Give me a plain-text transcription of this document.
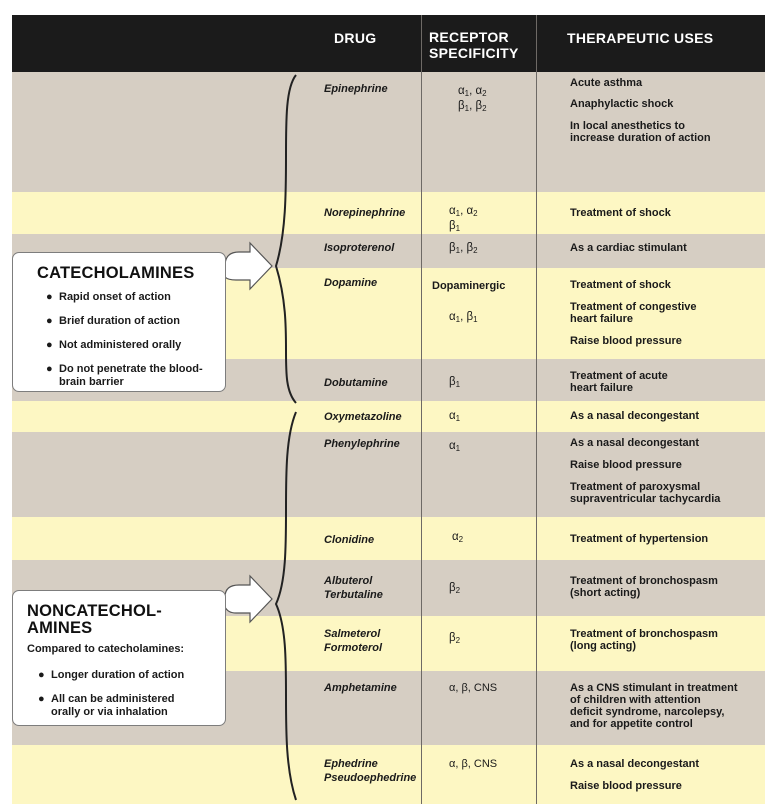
DRUG	RECEPTOR
SPECIFICITY
THERAPEUTIC USES
Epinephrine
Norepinephrine
Isoproterenol
Dopamine
Dobutamine
Oxymetazoline
Phenylephrine
Clonidine
Albuterol
Terbutaline
Salmeterol
Formoterol
Amphetamine
Ephedrine
Pseudoephedrine
$\alpha_1$, $\alpha_2$
$\beta_1$, $\beta_2$
$\alpha_1$, $\alpha_2$
$\beta_1$
$\beta_1$, $\beta_2$
Dopaminergic
$\alpha_1$, $\beta_1$
$\beta_1$
$\alpha_1$
$\alpha_1$
$\alpha_2$
$\beta_2$
$\beta_2$
α, β, CNS
α, β, CNS
Acute asthma
Anaphylactic shock
In local anesthetics to
increase duration of action
Treatment of shock
As a cardiac stimulant
Treatment of shock
Treatment of congestive
heart failure
Raise blood pressure
Treatment of acute
heart failure
As a nasal decongestant
As a nasal decongestant
Raise blood pressure
Treatment of paroxysmal
supraventricular tachycardia
Treatment of hypertension
Treatment of bronchospasm
(short acting)
Treatment of bronchospasm
(long acting)
As a CNS stimulant in treatment
of children with attention
deficit syndrome, narcolepsy,
and for appetite control
As a nasal decongestant
Raise blood pressure
CATECHOLAMINES
● Rapid onset of action
● Brief duration of action
● Not administered orally
● Do not penetrate the blood-
brain barrier
NONCATECHOL-
AMINES
Compared to catecholamines:
● Longer duration of action
● All can be administered
orally or via inhalation
